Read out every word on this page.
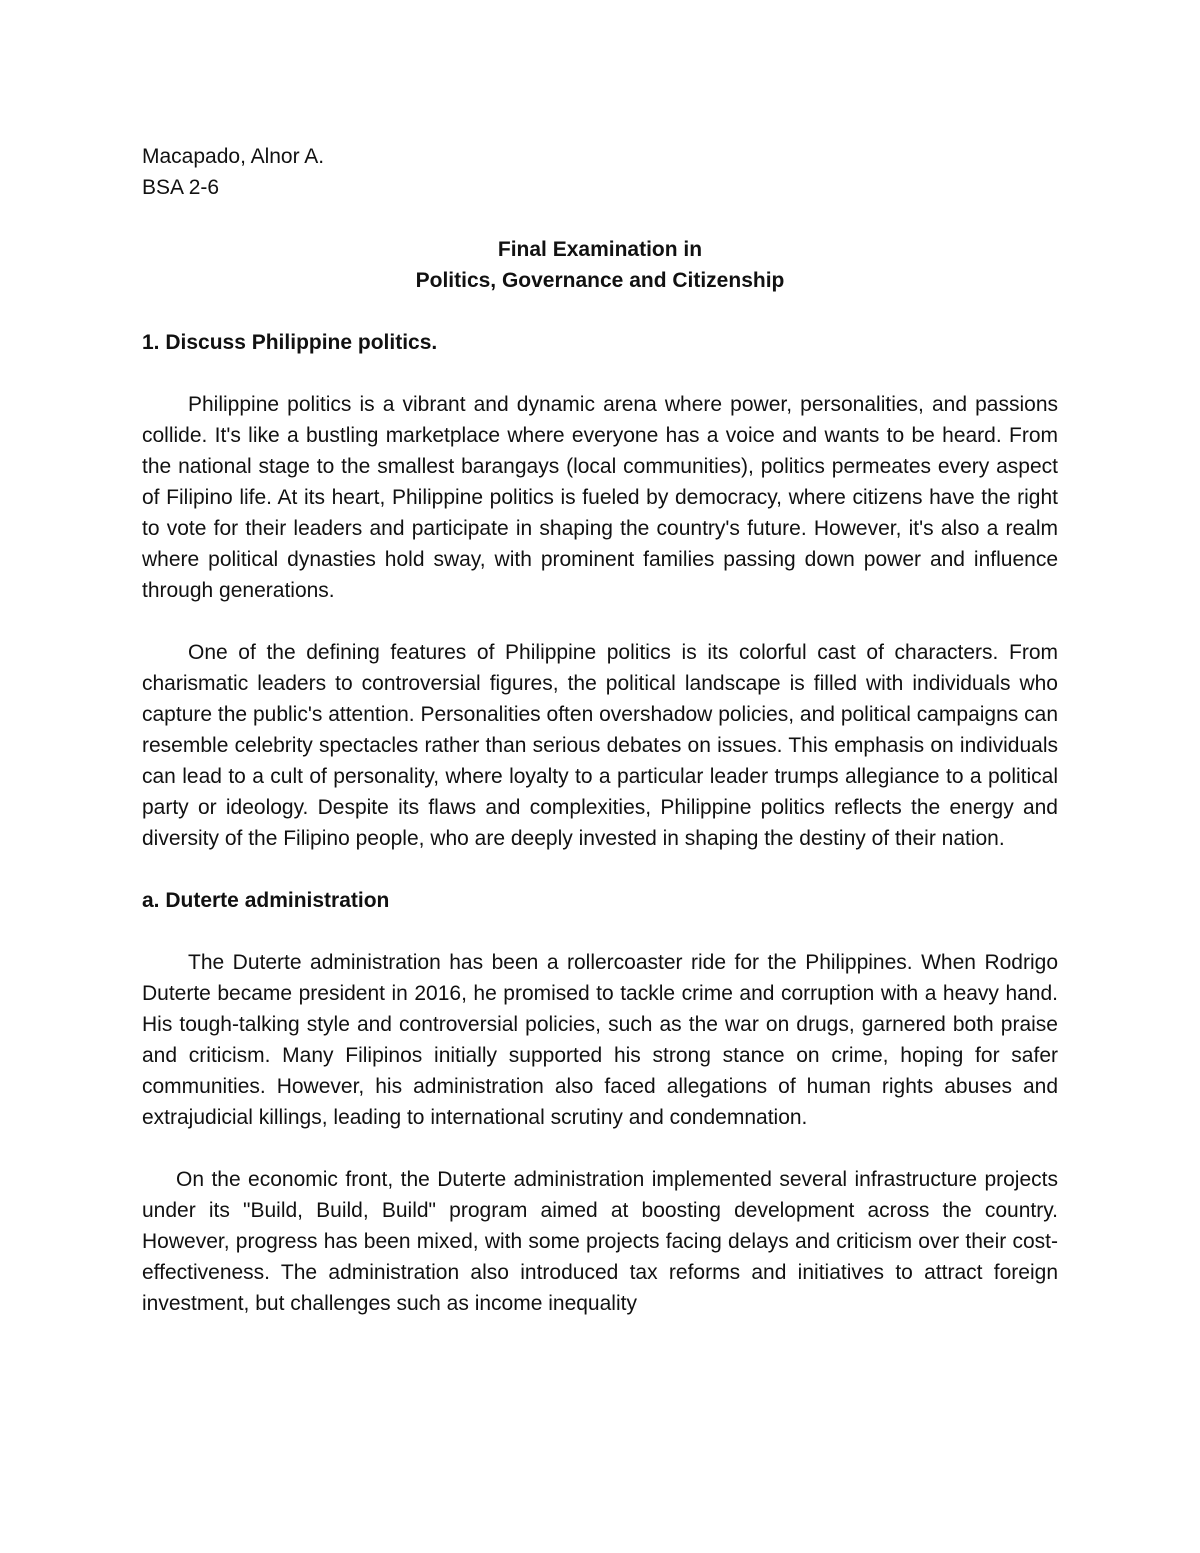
Macapado, Alnor A.
BSA 2-6
Final Examination in
Politics, Governance and Citizenship

1. Discuss Philippine politics.

Philippine politics is a vibrant and dynamic arena where power, personalities, and passions collide. It's like a bustling marketplace where everyone has a voice and wants to be heard. From the national stage to the smallest barangays (local communities), politics permeates every aspect of Filipino life. At its heart, Philippine politics is fueled by democracy, where citizens have the right to vote for their leaders and participate in shaping the country's future. However, it's also a realm where political dynasties hold sway, with prominent families passing down power and influence through generations.

One of the defining features of Philippine politics is its colorful cast of characters. From charismatic leaders to controversial figures, the political landscape is filled with individuals who capture the public's attention. Personalities often overshadow policies, and political campaigns can resemble celebrity spectacles rather than serious debates on issues. This emphasis on individuals can lead to a cult of personality, where loyalty to a particular leader trumps allegiance to a political party or ideology. Despite its flaws and complexities, Philippine politics reflects the energy and diversity of the Filipino people, who are deeply invested in shaping the destiny of their nation.

a. Duterte administration

The Duterte administration has been a rollercoaster ride for the Philippines. When Rodrigo Duterte became president in 2016, he promised to tackle crime and corruption with a heavy hand. His tough-talking style and controversial policies, such as the war on drugs, garnered both praise and criticism. Many Filipinos initially supported his strong stance on crime, hoping for safer communities. However, his administration also faced allegations of human rights abuses and extrajudicial killings, leading to international scrutiny and condemnation.

On the economic front, the Duterte administration implemented several infrastructure projects under its "Build, Build, Build" program aimed at boosting development across the country. However, progress has been mixed, with some projects facing delays and criticism over their cost-effectiveness. The administration also introduced tax reforms and initiatives to attract foreign investment, but challenges such as income inequality
